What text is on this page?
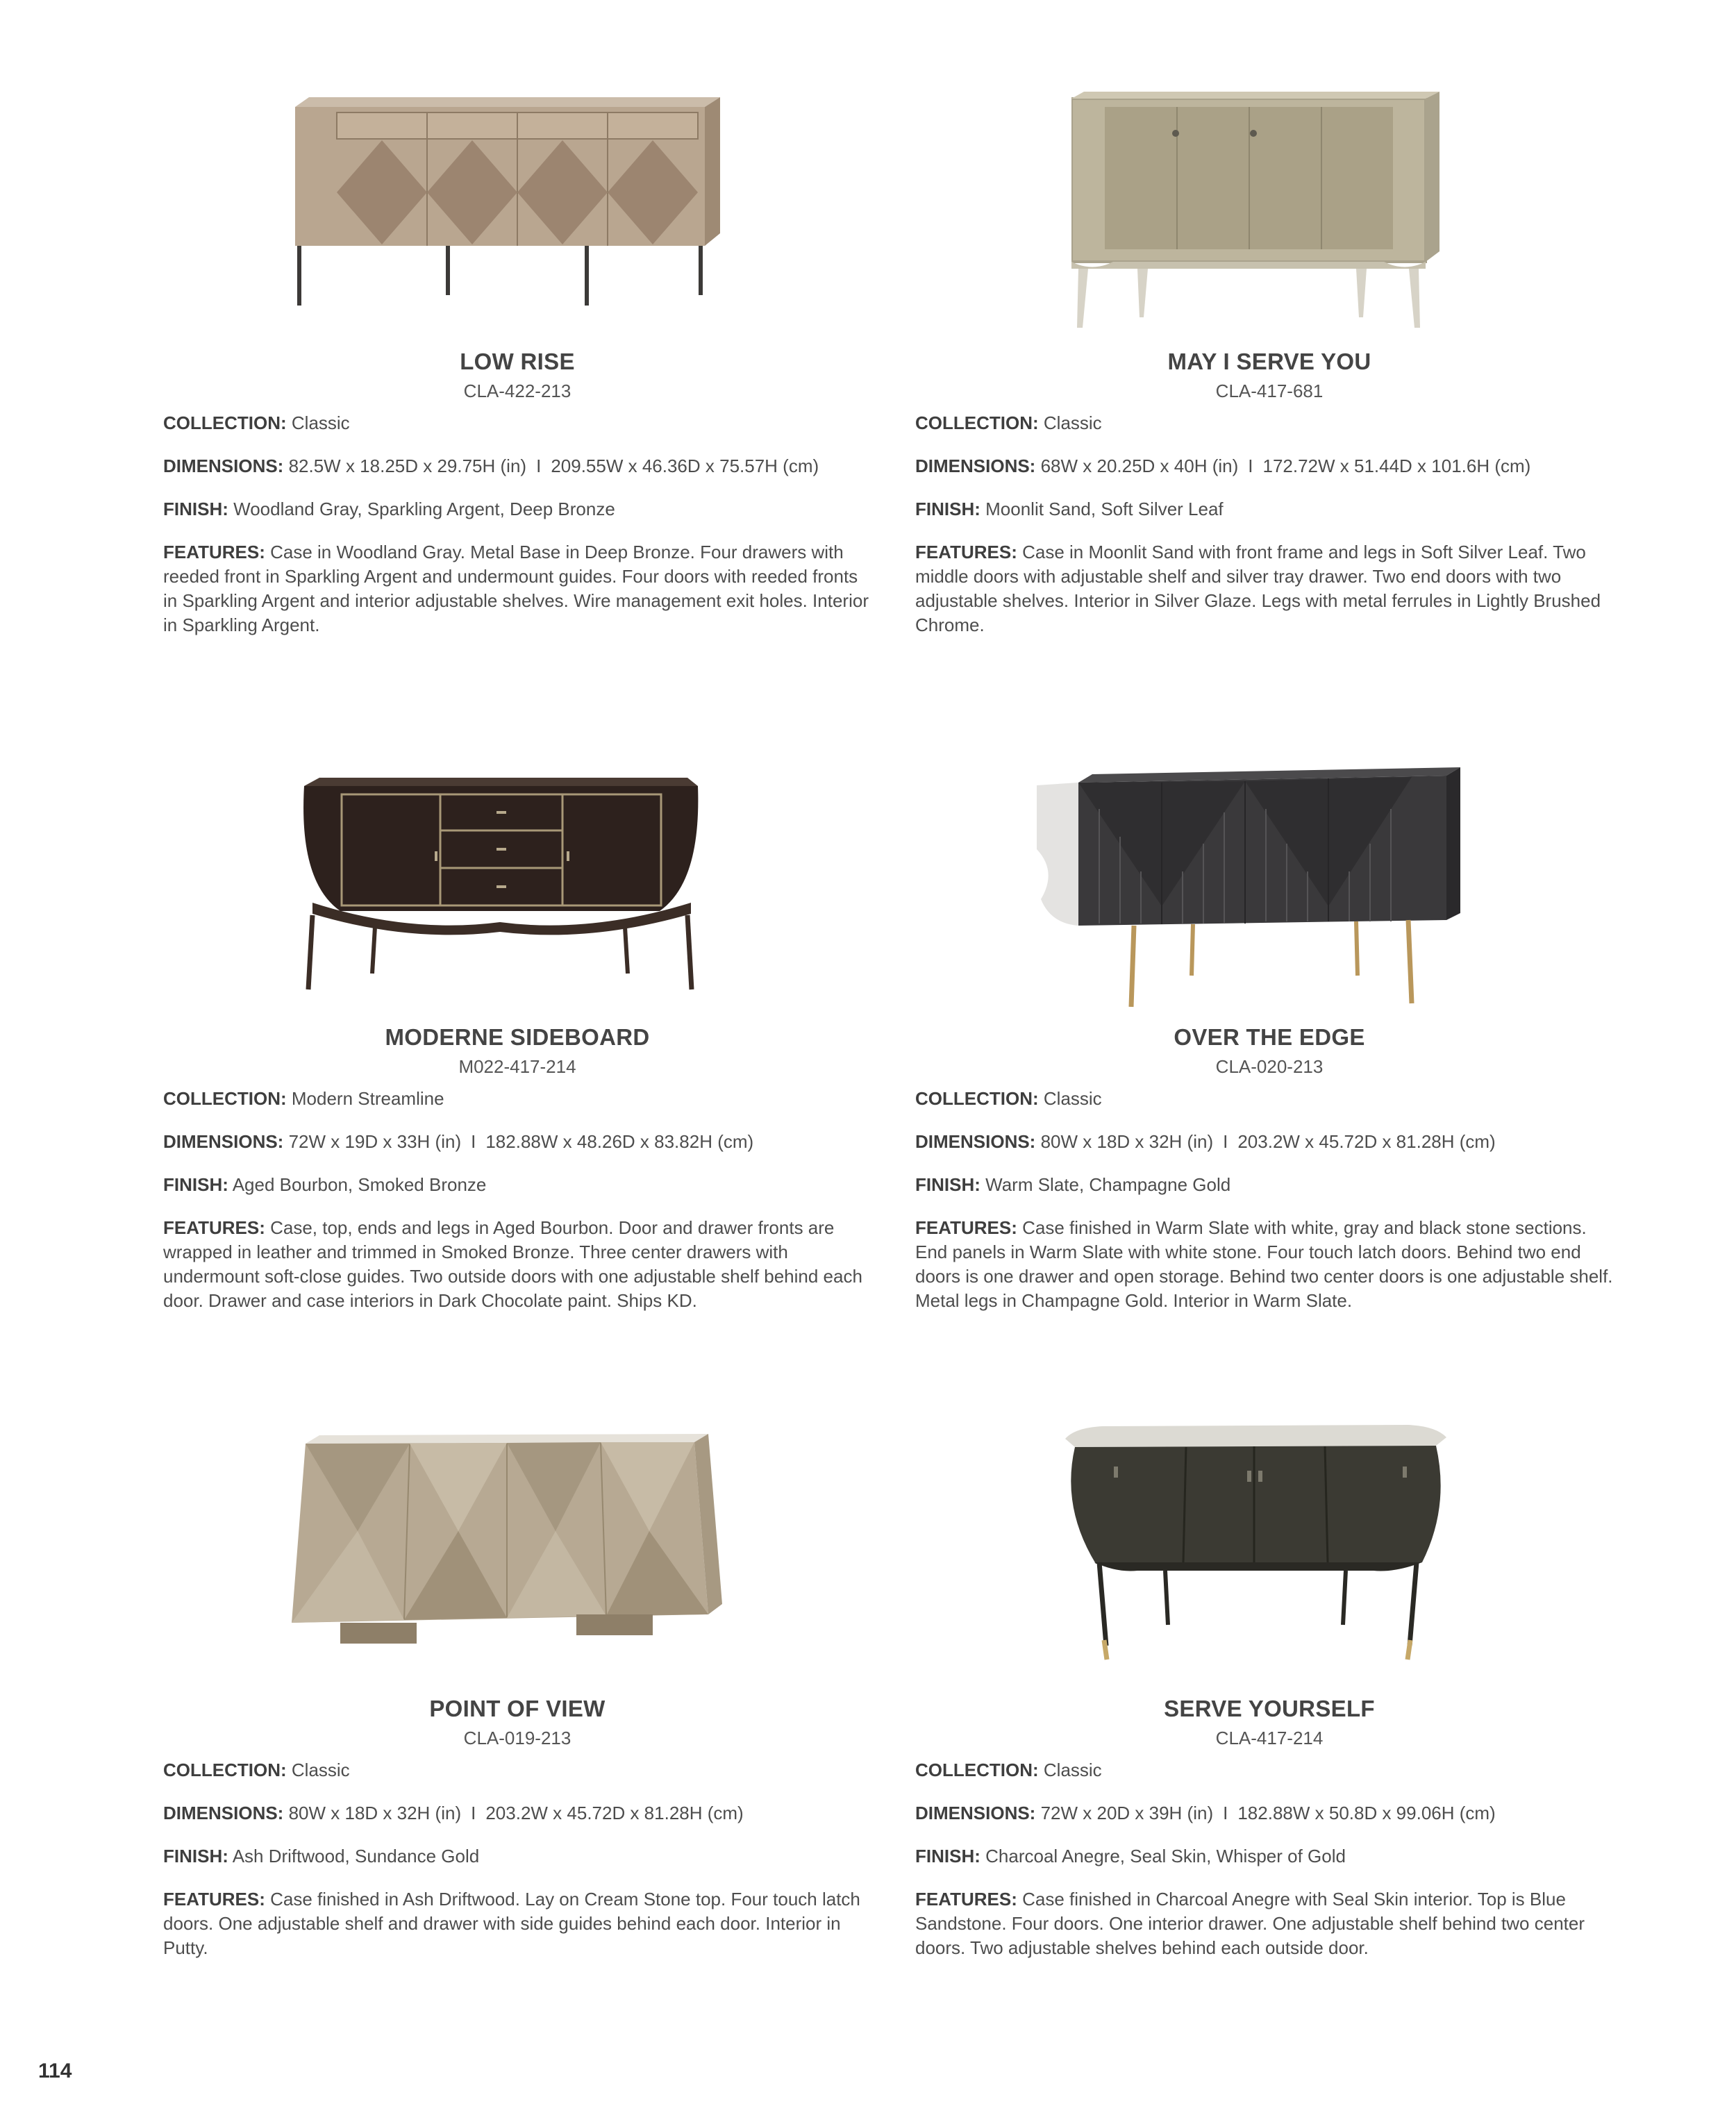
LOW RISE
CLA-422-213

COLLECTION: Classic

DIMENSIONS: 82.5W x 18.25D x 29.75H (in) I 209.55W x 46.36D x 75.57H (cm)

FINISH: Woodland Gray, Sparkling Argent, Deep Bronze

FEATURES: Case in Woodland Gray. Metal Base in Deep Bronze. Four drawers with reeded front in Sparkling Argent and undermount guides. Four doors with reeded fronts in Sparkling Argent and interior adjustable shelves. Wire management exit holes. Interior in Sparkling Argent.

MAY I SERVE YOU
CLA-417-681

COLLECTION: Classic

DIMENSIONS: 68W x 20.25D x 40H (in) I 172.72W x 51.44D x 101.6H (cm)

FINISH: Moonlit Sand, Soft Silver Leaf

FEATURES: Case in Moonlit Sand with front frame and legs in Soft Silver Leaf. Two middle doors with adjustable shelf and silver tray drawer. Two end doors with two adjustable shelves. Interior in Silver Glaze. Legs with metal ferrules in Lightly Brushed Chrome.

MODERNE SIDEBOARD
M022-417-214

COLLECTION: Modern Streamline

DIMENSIONS: 72W x 19D x 33H (in) I 182.88W x 48.26D x 83.82H (cm)

FINISH: Aged Bourbon, Smoked Bronze

FEATURES: Case, top, ends and legs in Aged Bourbon. Door and drawer fronts are wrapped in leather and trimmed in Smoked Bronze. Three center drawers with undermount soft-close guides. Two outside doors with one adjustable shelf behind each door. Drawer and case interiors in Dark Chocolate paint. Ships KD.

OVER THE EDGE
CLA-020-213

COLLECTION: Classic

DIMENSIONS: 80W x 18D x 32H (in) I 203.2W x 45.72D x 81.28H (cm)

FINISH: Warm Slate, Champagne Gold

FEATURES: Case finished in Warm Slate with white, gray and black stone sections. End panels in Warm Slate with white stone. Four touch latch doors. Behind two end doors is one drawer and open storage. Behind two center doors is one adjustable shelf. Metal legs in Champagne Gold. Interior in Warm Slate.

POINT OF VIEW
CLA-019-213

COLLECTION: Classic

DIMENSIONS: 80W x 18D x 32H (in) I 203.2W x 45.72D x 81.28H (cm)

FINISH: Ash Driftwood, Sundance Gold

FEATURES: Case finished in Ash Driftwood. Lay on Cream Stone top. Four touch latch doors. One adjustable shelf and drawer with side guides behind each door. Interior in Putty.

SERVE YOURSELF
CLA-417-214

COLLECTION: Classic

DIMENSIONS: 72W x 20D x 39H (in) I 182.88W x 50.8D x 99.06H (cm)

FINISH: Charcoal Anegre, Seal Skin, Whisper of Gold

FEATURES: Case finished in Charcoal Anegre with Seal Skin interior. Top is Blue Sandstone. Four doors. One interior drawer. One adjustable shelf behind two center doors. Two adjustable shelves behind each outside door.

114
